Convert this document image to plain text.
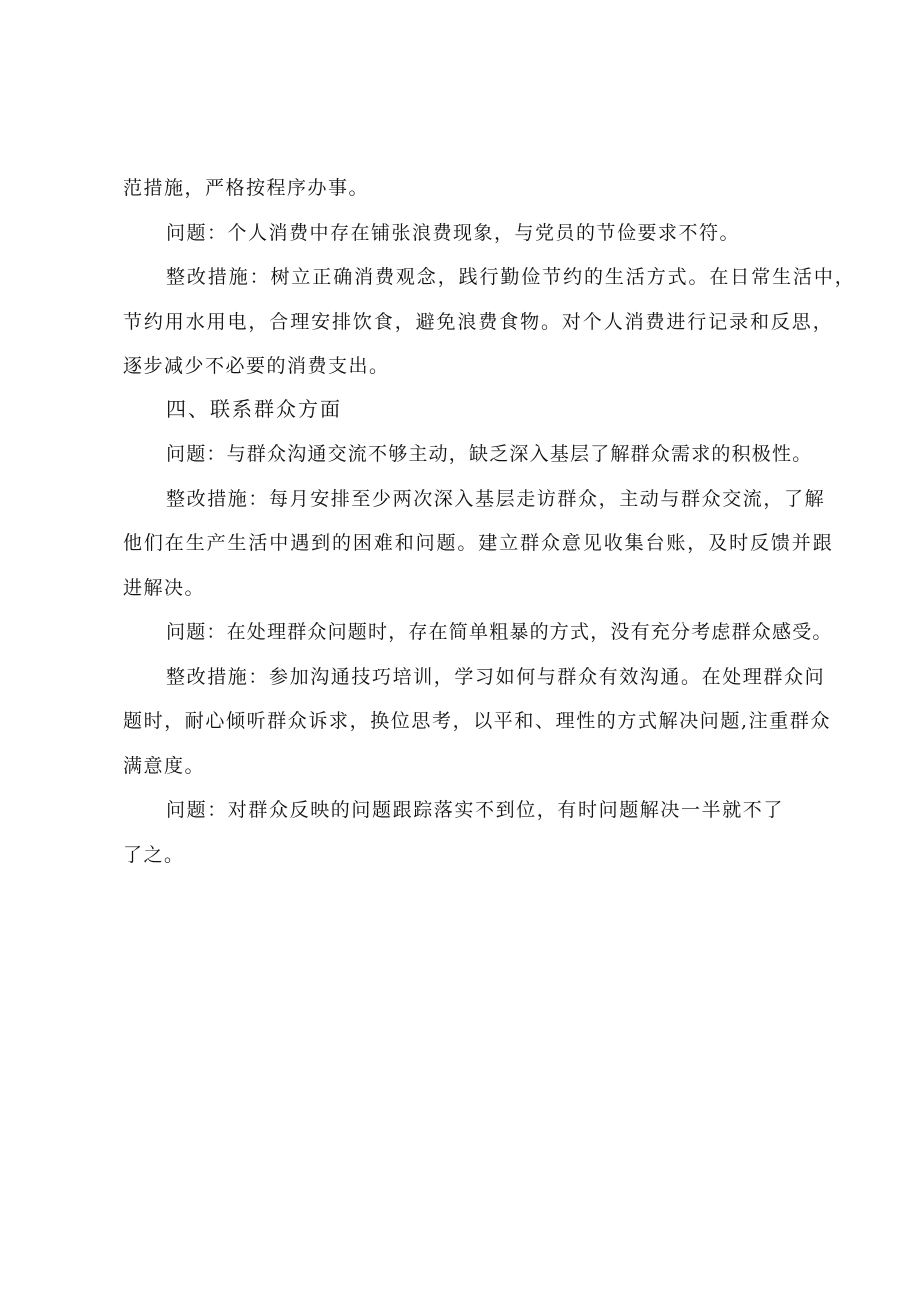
范措施，严格按程序办事。
问题：个人消费中存在铺张浪费现象，与党员的节俭要求不符。
整改措施：树立正确消费观念，践行勤俭节约的生活方式。在日常生活中，
节约用水用电，合理安排饮食，避免浪费食物。对个人消费进行记录和反思，
逐步减少不必要的消费支出。
四、联系群众方面
问题：与群众沟通交流不够主动，缺乏深入基层了解群众需求的积极性。
整改措施：每月安排至少两次深入基层走访群众，主动与群众交流，了解
他们在生产生活中遇到的困难和问题。建立群众意见收集台账，及时反馈并跟
进解决。
问题：在处理群众问题时，存在简单粗暴的方式，没有充分考虑群众感受。
整改措施：参加沟通技巧培训，学习如何与群众有效沟通。在处理群众问
题时，耐心倾听群众诉求，换位思考，以平和、理性的方式解决问题,注重群众
满意度。
问题：对群众反映的问题跟踪落实不到位，有时问题解决一半就不了
了之。
